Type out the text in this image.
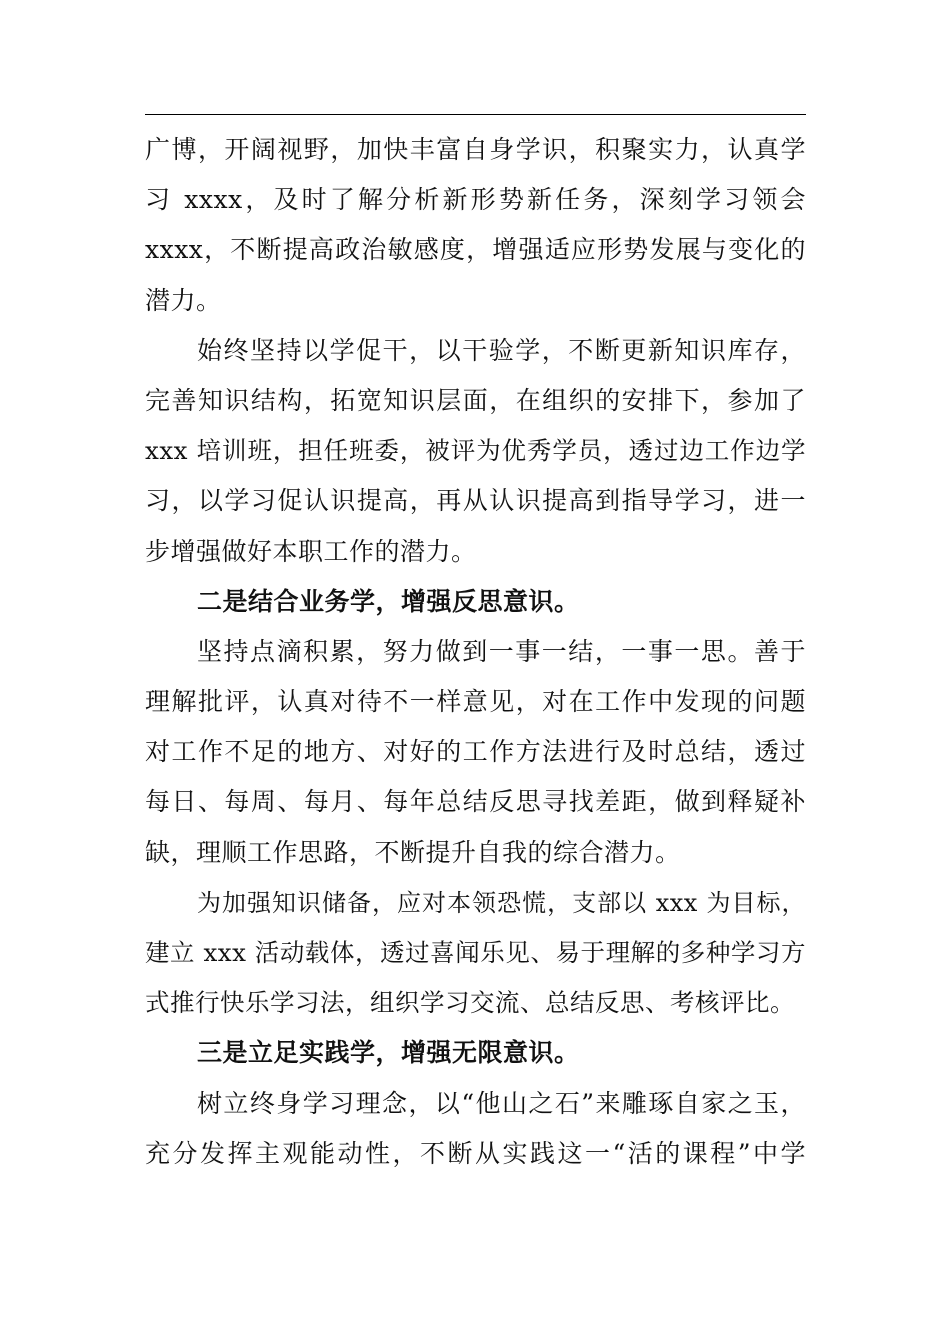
广博，开阔视野，加快丰富自身学识，积聚实力，认真学
习 xxxx，及时了解分析新形势新任务，深刻学习领会
xxxx，不断提高政治敏感度，增强适应形势发展与变化的
潜力。
始终坚持以学促干，以干验学，不断更新知识库存，
完善知识结构，拓宽知识层面，在组织的安排下，参加了
xxx 培训班，担任班委，被评为优秀学员，透过边工作边学
习，以学习促认识提高，再从认识提高到指导学习，进一
步增强做好本职工作的潜力。
二是结合业务学，增强反思意识。
坚持点滴积累，努力做到一事一结，一事一思。善于
理解批评，认真对待不一样意见，对在工作中发现的问题
对工作不足的地方、对好的工作方法进行及时总结，透过
每日、每周、每月、每年总结反思寻找差距，做到释疑补
缺，理顺工作思路，不断提升自我的综合潜力。
为加强知识储备，应对本领恐慌，支部以 xxx 为目标，
建立 xxx 活动载体，透过喜闻乐见、易于理解的多种学习方
式推行快乐学习法，组织学习交流、总结反思、考核评比。
三是立足实践学，增强无限意识。
树立终身学习理念，以“他山之石”来雕琢自家之玉，
充分发挥主观能动性，不断从实践这一“活的课程”中学
